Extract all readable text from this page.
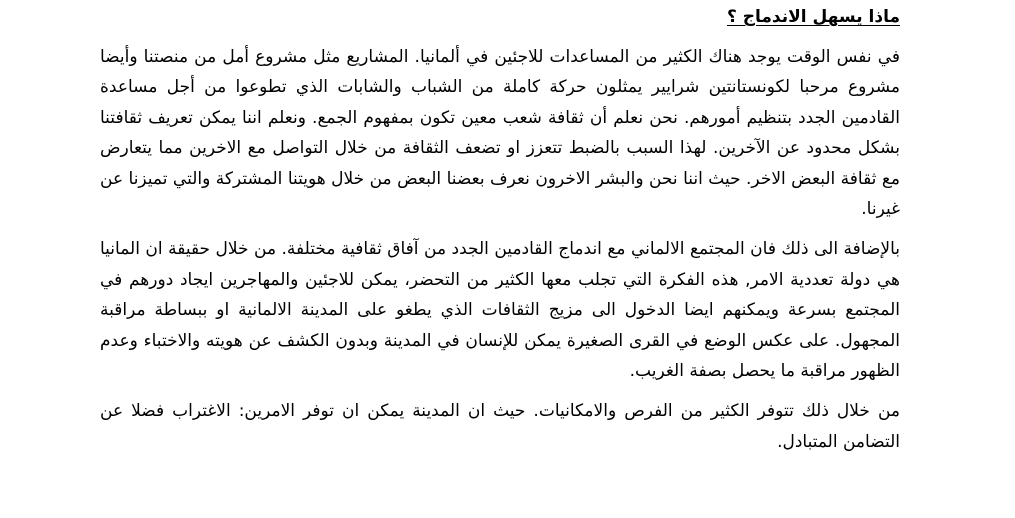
ماذا يسهل الاندماج ؟

في نفس الوقت يوجد هناك الكثير من المساعدات للاجئين في ألمانيا. المشاريع مثل مشروع أمل من منصتنا وأيضا مشروع مرحبا لكونستانتين شرايير يمثلون حركة كاملة من الشباب والشابات الذي تطوعوا من أجل مساعدة القادمين الجدد بتنظيم أمورهم. نحن نعلم أن ثقافة شعب معين تكون بمفهوم الجمع. ونعلم اننا يمكن تعريف ثقافتنا بشكل محدود عن الآخرين. لهذا السبب بالضبط تتعزز او تضعف الثقافة من خلال التواصل مع الاخرين مما يتعارض مع ثقافة البعض الاخر. حيث اننا نحن والبشر الاخرون نعرف بعضنا البعض من خلال هويتنا المشتركة والتي تميزنا عن غيرنا.

بالإضافة الى ذلك فان المجتمع الالماني مع اندماج القادمين الجدد من آفاق ثقافية مختلفة. من خلال حقيقة ان المانيا هي دولة تعددية الامر, هذه الفكرة التي تجلب معها الكثير من التحضر، يمكن للاجئين والمهاجرين ايجاد دورهم في المجتمع بسرعة ويمكنهم ايضا الدخول الى مزيج الثقافات الذي يطغو على المدينة الالمانية او ببساطة مراقبة المجهول. على عكس الوضع في القرى الصغيرة يمكن للإنسان في المدينة وبدون الكشف عن هويته والاختباء وعدم الظهور مراقبة ما يحصل بصفة الغريب.

من خلال ذلك تتوفر الكثير من الفرص والامكانيات. حيث ان المدينة يمكن ان توفر الامرين: الاغتراب فضلا عن التضامن المتبادل.
